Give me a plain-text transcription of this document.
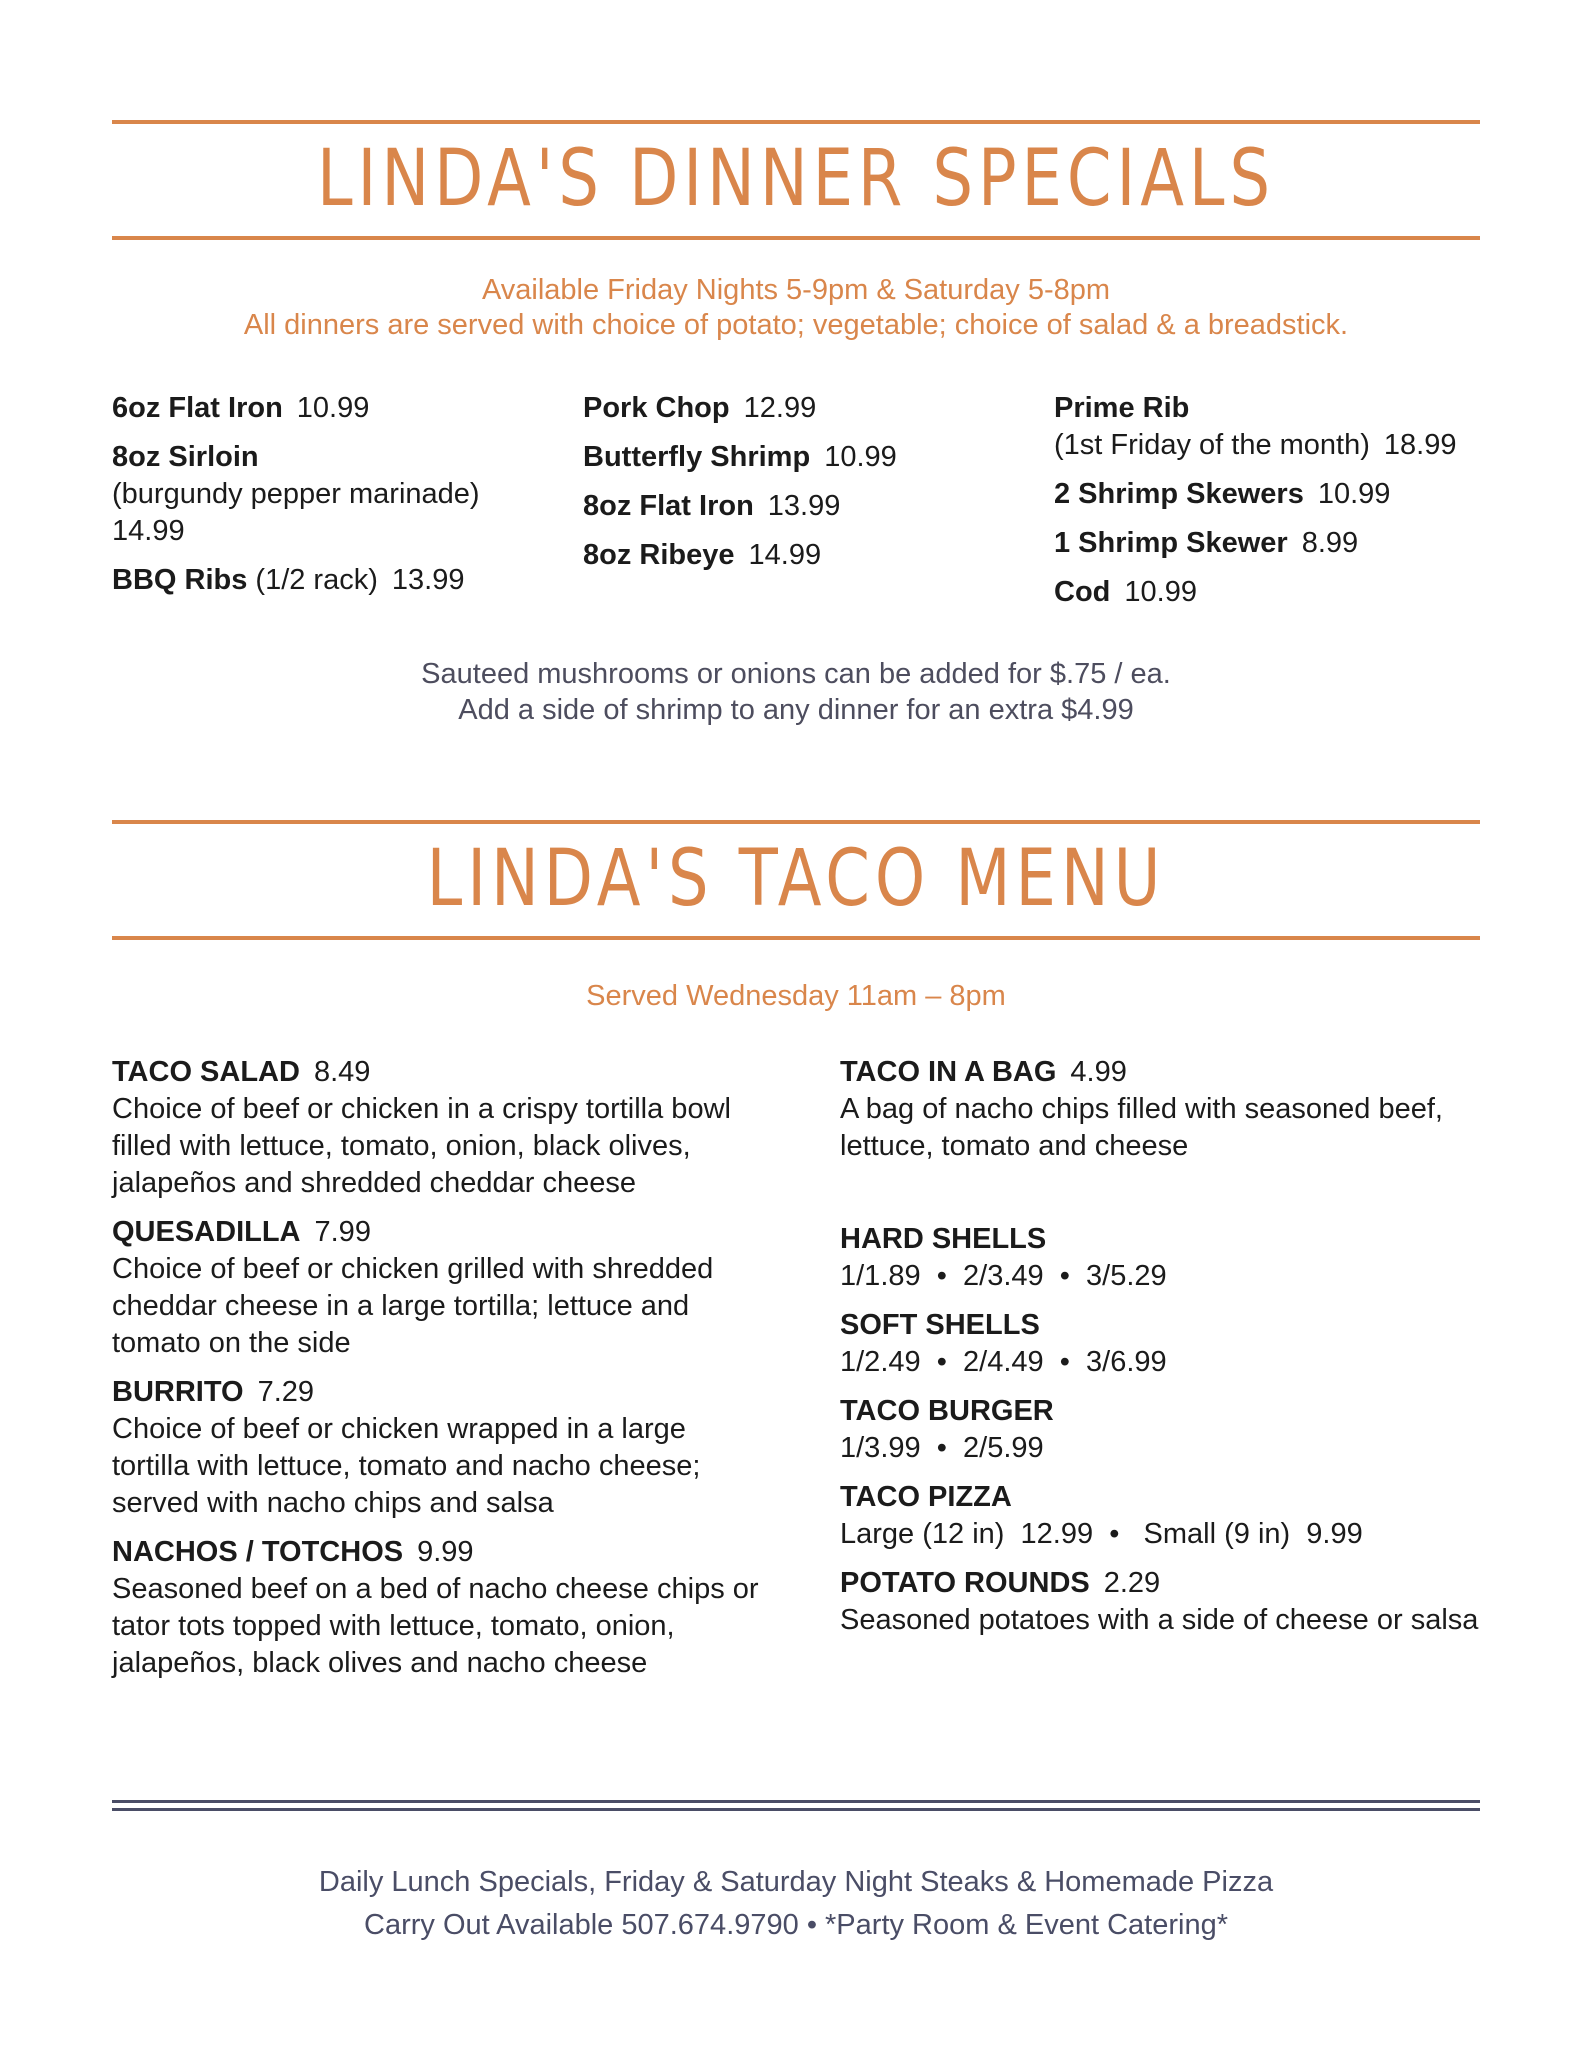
LINDA'S DINNER SPECIALS
Available Friday Nights 5-9pm & Saturday 5-8pm
All dinners are served with choice of potato; vegetable; choice of salad & a breadstick.
6oz Flat Iron 10.99
8oz Sirloin
(burgundy pepper marinade)
14.99
BBQ Ribs (1/2 rack) 13.99
Pork Chop 12.99
Butterfly Shrimp 10.99
8oz Flat Iron 13.99
8oz Ribeye 14.99
Prime Rib
(1st Friday of the month) 18.99
2 Shrimp Skewers 10.99
1 Shrimp Skewer 8.99
Cod 10.99
Sauteed mushrooms or onions can be added for $.75 / ea.
Add a side of shrimp to any dinner for an extra $4.99
LINDA'S TACO MENU
Served Wednesday 11am – 8pm
TACO SALAD 8.49
Choice of beef or chicken in a crispy tortilla bowl filled with lettuce, tomato, onion, black olives, jalapeños and shredded cheddar cheese
QUESADILLA 7.99
Choice of beef or chicken grilled with shredded cheddar cheese in a large tortilla; lettuce and tomato on the side
BURRITO 7.29
Choice of beef or chicken wrapped in a large tortilla with lettuce, tomato and nacho cheese; served with nacho chips and salsa
NACHOS / TOTCHOS 9.99
Seasoned beef on a bed of nacho cheese chips or tator tots topped with lettuce, tomato, onion, jalapeños, black olives and nacho cheese
TACO IN A BAG 4.99
A bag of nacho chips filled with seasoned beef, lettuce, tomato and cheese
HARD SHELLS
1/1.89  •  2/3.49  •  3/5.29
SOFT SHELLS
1/2.49  •  2/4.49  •  3/6.99
TACO BURGER
1/3.99  •  2/5.99
TACO PIZZA
Large (12 in)  12.99  •   Small (9 in)  9.99
POTATO ROUNDS 2.29
Seasoned potatoes with a side of cheese or salsa
Daily Lunch Specials, Friday & Saturday Night Steaks & Homemade Pizza
Carry Out Available 507.674.9790 • *Party Room & Event Catering*
